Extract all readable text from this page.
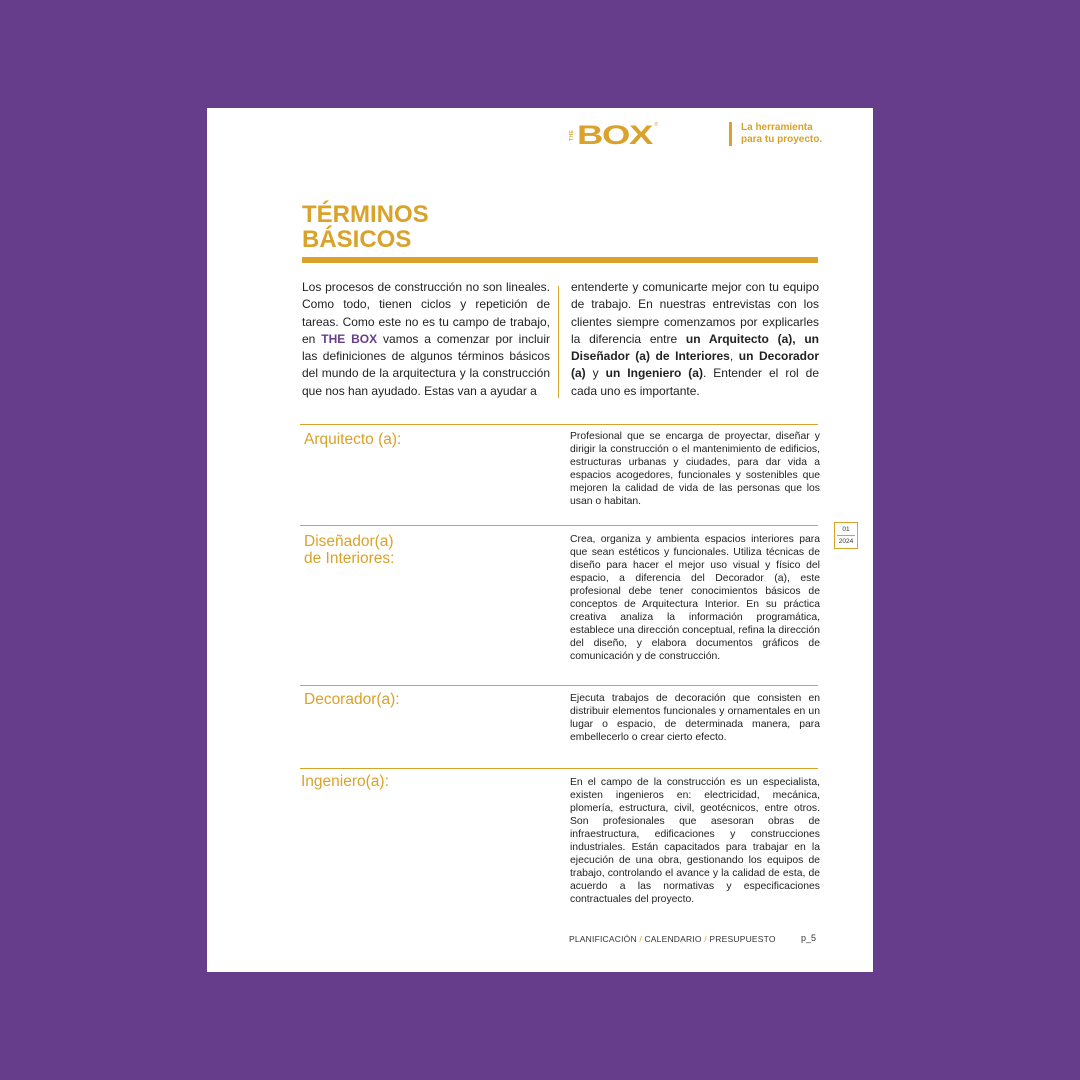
THE BOX ®	La herramienta
para tu proyecto.
TÉRMINOS
BÁSICOS
Los procesos de construcción no son lineales. Como todo, tienen ciclos y repetición de tareas. Como este no es tu campo de trabajo, en THE BOX vamos a comenzar por incluir las definiciones de algunos términos básicos del mundo de la arquitectura y la construcción que nos han ayudado. Estas van a ayudar a
entenderte y comunicarte mejor con tu equipo de trabajo. En nuestras entrevistas con los clientes siempre comenzamos por explicarles la diferencia entre un Arquitecto (a), un Diseñador (a) de Interiores, un Decorador (a) y un Ingeniero (a). Entender el rol de cada uno es importante.
Arquitecto (a):	Profesional que se encarga de proyectar, diseñar y dirigir la construcción o el mantenimiento de edificios, estructuras urbanas y ciudades, para dar vida a espacios acogedores, funcionales y sostenibles que mejoren la calidad de vida de las personas que los usan o habitan.
Diseñador(a)
de Interiores:
Crea, organiza y ambienta espacios interiores para que sean estéticos y funcionales. Utiliza técnicas de diseño para hacer el mejor uso visual y físico del espacio, a diferencia del Decorador (a), este profesional debe tener conocimientos básicos de conceptos de Arquitectura Interior. En su práctica creativa analiza la información programática, establece una dirección conceptual, refina la dirección del diseño, y elabora documentos gráficos de comunicación y de construcción.
Decorador(a):	Ejecuta trabajos de decoración que consisten en distribuir elementos funcionales y ornamentales en un lugar o espacio, de determinada manera, para embellecerlo o crear cierto efecto.
Ingeniero(a):	En el campo de la construcción es un especialista, existen ingenieros en: electricidad, mecánica, plomería, estructura, civil, geotécnicos, entre otros. Son profesionales que asesoran obras de infraestructura, edificaciones y construcciones industriales. Están capacitados para trabajar en la ejecución de una obra, gestionando los equipos de trabajo, controlando el avance y la calidad de esta, de acuerdo a las normativas y especificaciones contractuales del proyecto.
01
2024
PLANIFICACIÓN / CALENDARIO / PRESUPUESTO	p_5
